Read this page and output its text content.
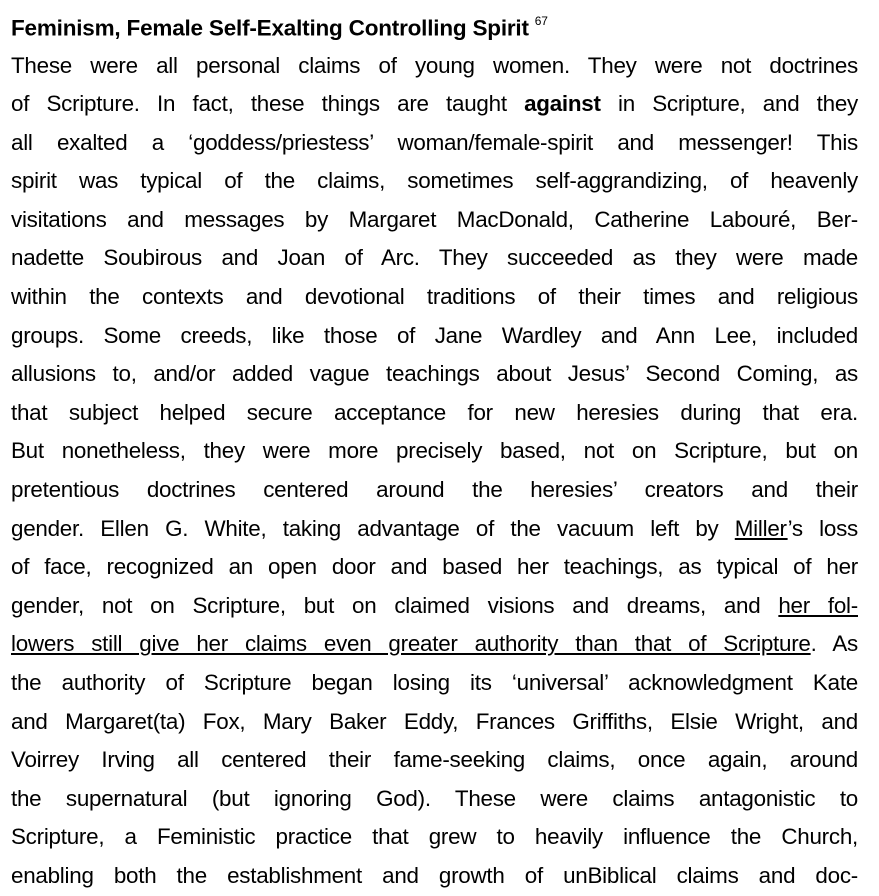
Feminism, Female Self-Exalting Controlling Spirit $^{67}$
These were all personal claims of young women. They were not doctrines
of Scripture. In fact, these things are taught against in Scripture, and they
all exalted a ‘goddess/priestess’ woman/female-spirit and messenger! This
spirit was typical of the claims, sometimes self-aggrandizing, of heavenly
visitations and messages by Margaret MacDonald, Catherine Labouré, Ber-
nadette Soubirous and Joan of Arc. They succeeded as they were made
within the contexts and devotional traditions of their times and religious
groups. Some creeds, like those of Jane Wardley and Ann Lee, included
allusions to, and/or added vague teachings about Jesus’ Second Coming, as
that subject helped secure acceptance for new heresies during that era.
But nonetheless, they were more precisely based, not on Scripture, but on
pretentious doctrines centered around the heresies’ creators and their
gender. Ellen G. White, taking advantage of the vacuum left by Miller’s loss
of face, recognized an open door and based her teachings, as typical of her
gender, not on Scripture, but on claimed visions and dreams, and her fol-
lowers still give her claims even greater authority than that of Scripture. As
the authority of Scripture began losing its ‘universal’ acknowledgment Kate
and Margaret(ta) Fox, Mary Baker Eddy, Frances Griffiths, Elsie Wright, and
Voirrey Irving all centered their fame-seeking claims, once again, around
the supernatural (but ignoring God). These were claims antagonistic to
Scripture, a Feministic practice that grew to heavily influence the Church,
enabling both the establishment and growth of unBiblical claims and doc-
